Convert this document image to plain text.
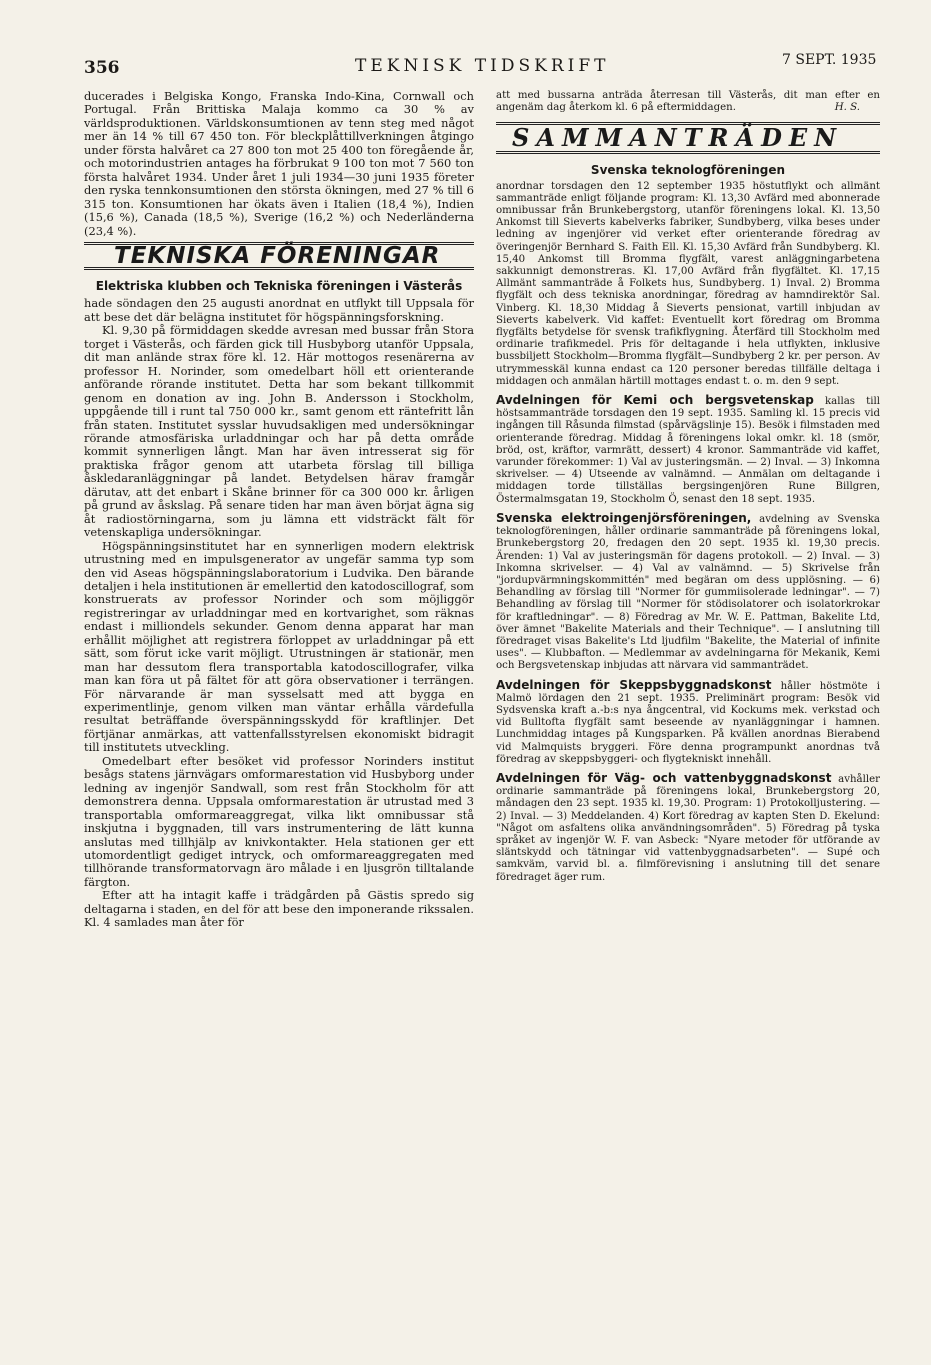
356	TEKNISK TIDSKRIFT	7 SEPT. 1935

ducerades i Belgiska Kongo, Franska Indo-Kina, Cornwall och Portugal. Från Brittiska Malaja kommo ca 30 % av världsproduktionen. Världskonsumtionen av tenn steg med något mer än 14 % till 67 450 ton. För bleckplåttillverkningen åtgingo under första halvåret ca 27 800 ton mot 25 400 ton föregående år, och motorindustrien antages ha förbrukat 9 100 ton mot 7 560 ton första halvåret 1934. Under året 1 juli 1934—30 juni 1935 företer den ryska tennkonsumtionen den största ökningen, med 27 % till 6 315 ton. Konsumtionen har ökats även i Italien (18,4 %), Indien (15,6 %), Canada (18,5 %), Sverige (16,2 %) och Nederländerna (23,4 %).

TEKNISKA FÖRENINGAR
Elektriska klubben och Tekniska föreningen i Västerås

hade söndagen den 25 augusti anordnat en utflykt till Uppsala för att bese det där belägna institutet för högspänningsforskning.

Kl. 9,30 på förmiddagen skedde avresan med bussar från Stora torget i Västerås, och färden gick till Husbyborg utanför Uppsala, dit man anlände strax före kl. 12. Här mottogos resenärerna av professor H. Norinder, som omedelbart höll ett orienterande anförande rörande institutet. Detta har som bekant tillkommit genom en donation av ing. John B. Andersson i Stockholm, uppgående till i runt tal 750 000 kr., samt genom ett räntefritt lån från staten. Institutet sysslar huvudsakligen med undersökningar rörande atmosfäriska urladdningar och har på detta område kommit synnerligen långt. Man har även intresserat sig för praktiska frågor genom att utarbeta förslag till billiga åskledaranläggningar på landet. Betydelsen härav framgår därutav, att det enbart i Skåne brinner för ca 300 000 kr. årligen på grund av åskslag. På senare tiden har man även börjat ägna sig åt radiostörningarna, som ju lämna ett vidsträckt fält för vetenskapliga undersökningar.

Högspänningsinstitutet har en synnerligen modern elektrisk utrustning med en impulsgenerator av ungefär samma typ som den vid Aseas högspänningslaboratorium i Ludvika. Den bärande detaljen i hela institutionen är emellertid den katodoscillograf, som konstruerats av professor Norinder och som möjliggör registreringar av urladdningar med en kortvarighet, som räknas endast i milliondels sekunder. Genom denna apparat har man erhållit möjlighet att registrera förloppet av urladdningar på ett sätt, som förut icke varit möjligt. Utrustningen är stationär, men man har dessutom flera transportabla katodoscillografer, vilka man kan föra ut på fältet för att göra observationer i terrängen. För närvarande är man sysselsatt med att bygga en experimentlinje, genom vilken man väntar erhålla värdefulla resultat beträffande överspänningsskydd för kraftlinjer. Det förtjänar anmärkas, att vattenfallsstyrelsen ekonomiskt bidragit till institutets utveckling.

Omedelbart efter besöket vid professor Norinders institut besågs statens järnvägars omformarestation vid Husbyborg under ledning av ingenjör Sandwall, som rest från Stockholm för att demonstrera denna. Uppsala omformarestation är utrustad med 3 transportabla omformareaggregat, vilka likt omnibussar stå inskjutna i byggnaden, till vars instrumentering de lätt kunna anslutas med tillhjälp av knivkontakter. Hela stationen ger ett utomordentligt gediget intryck, och omformareaggregaten med tillhörande transformatorvagn äro målade i en ljusgrön tilltalande färgton.

Efter att ha intagit kaffe i trädgården på Gästis spredo sig deltagarna i staden, en del för att bese den imponerande rikssalen. Kl. 4 samlades man åter för

att med bussarna anträda återresan till Västerås, dit man efter en angenäm dag återkom kl. 6 på eftermiddagen.	H. S.

SAMMANTRÄDEN
Svenska teknologföreningen

anordnar torsdagen den 12 september 1935 höstutflykt och allmänt sammanträde enligt följande program: Kl. 13,30 Avfärd med abonnerade omnibussar från Brunkebergstorg, utanför föreningens lokal. Kl. 13,50 Ankomst till Sieverts kabelverks fabriker, Sundbyberg, vilka beses under ledning av ingenjörer vid verket efter orienterande föredrag av överingenjör Bernhard S. Faith Ell. Kl. 15,30 Avfärd från Sundbyberg. Kl. 15,40 Ankomst till Bromma flygfält, varest anläggningarbetena sakkunnigt demonstreras. Kl. 17,00 Avfärd från flygfältet. Kl. 17,15 Allmänt sammanträde å Folkets hus, Sundbyberg. 1) Inval. 2) Bromma flygfält och dess tekniska anordningar, föredrag av hamndirektör Sal. Vinberg. Kl. 18,30 Middag å Sieverts pensionat, vartill inbjudan av Sieverts kabelverk. Vid kaffet: Eventuellt kort föredrag om Bromma flygfälts betydelse för svensk trafikflygning. Återfärd till Stockholm med ordinarie trafikmedel. Pris för deltagande i hela utflykten, inklusive bussbiljett Stockholm—Bromma flygfält—Sundbyberg 2 kr. per person. Av utrymmesskäl kunna endast ca 120 personer beredas tillfälle deltaga i middagen och anmälan härtill mottages endast t. o. m. den 9 sept.

Avdelningen för Kemi och bergsvetenskap kallas till höstsammanträde torsdagen den 19 sept. 1935. Samling kl. 15 precis vid ingången till Råsunda filmstad (spårvägslinje 15). Besök i filmstaden med orienterande föredrag. Middag å föreningens lokal omkr. kl. 18 (smör, bröd, ost, kräftor, varmrätt, dessert) 4 kronor. Sammanträde vid kaffet, varunder förekommer: 1) Val av justeringsmän. — 2) Inval. — 3) Inkomna skrivelser. — 4) Utseende av valnämnd. — Anmälan om deltagande i middagen torde tillställas bergsingenjören Rune Billgren, Östermalmsgatan 19, Stockholm Ö, senast den 18 sept. 1935.

Svenska elektroingenjörsföreningen, avdelning av Svenska teknologföreningen, håller ordinarie sammanträde på föreningens lokal, Brunkebergstorg 20, fredagen den 20 sept. 1935 kl. 19,30 precis. Ärenden: 1) Val av justeringsmän för dagens protokoll. — 2) Inval. — 3) Inkomna skrivelser. — 4) Val av valnämnd. — 5) Skrivelse från "jordupvärmningskommittén" med begäran om dess upplösning. — 6) Behandling av förslag till "Normer för gummiisolerade ledningar". — 7) Behandling av förslag till "Normer för stödisolatorer och isolatorkrokar för kraftledningar". — 8) Föredrag av Mr. W. E. Pattman, Bakelite Ltd, över ämnet "Bakelite Materials and their Technique". — I anslutning till föredraget visas Bakelite's Ltd ljudfilm "Bakelite, the Material of infinite uses". — Klubbafton. — Medlemmar av avdelningarna för Mekanik, Kemi och Bergsvetenskap inbjudas att närvara vid sammanträdet.

Avdelningen för Skeppsbyggnadskonst håller höstmöte i Malmö lördagen den 21 sept. 1935. Preliminärt program: Besök vid Sydsvenska kraft a.-b:s nya ångcentral, vid Kockums mek. verkstad och vid Bulltofta flygfält samt beseende av nyanläggningar i hamnen. Lunchmiddag intages på Kungsparken. På kvällen anordnas Bierabend vid Malmquists bryggeri. Före denna programpunkt anordnas två föredrag av skeppsbyggeri- och flygtekniskt innehåll.

Avdelningen för Väg- och vattenbyggnadskonst avhåller ordinarie sammanträde på föreningens lokal, Brunkebergstorg 20, måndagen den 23 sept. 1935 kl. 19,30. Program: 1) Protokolljustering. — 2) Inval. — 3) Meddelanden. 4) Kort föredrag av kapten Sten D. Ekelund: "Något om asfaltens olika användningsområden". 5) Föredrag på tyska språket av ingenjör W. F. van Asbeck: "Nyare metoder för utförande av släntskydd och tätningar vid vattenbyggnadsarbeten". — Supé och samkväm, varvid bl. a. filmförevisning i anslutning till det senare föredraget äger rum.
